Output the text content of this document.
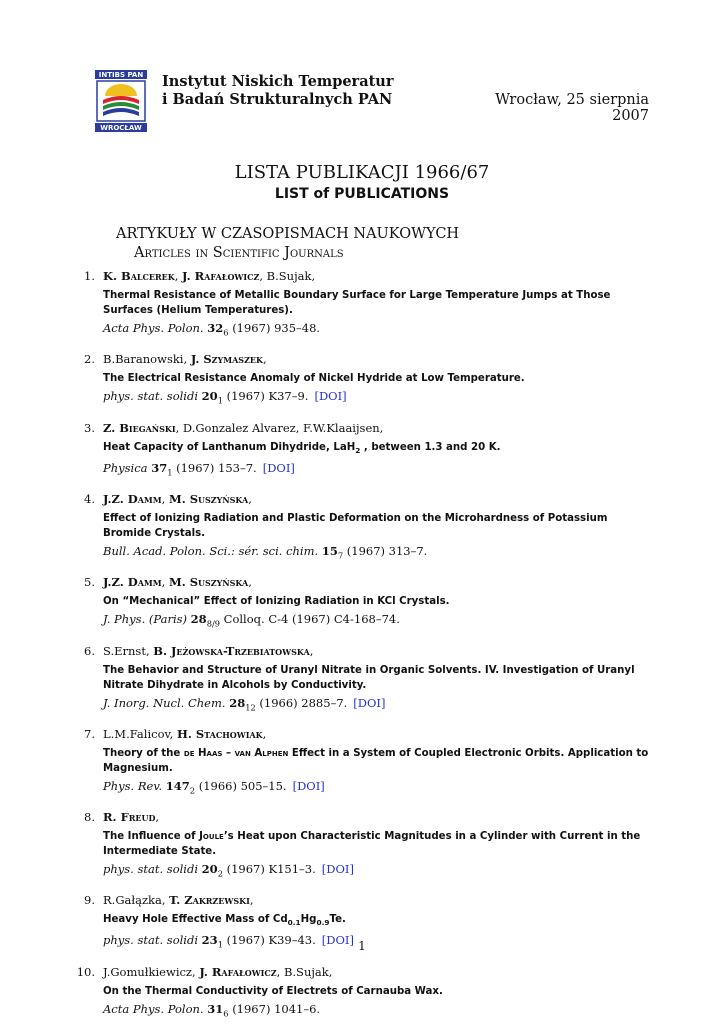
INTIBS PAN
WROCŁAW
Instytut Niskich Temperatur
i Badań Strukturalnych PAN	Wrocław, 25 sierpnia
2007
LISTA PUBLIKACJI 1966/67
LIST of PUBLICATIONS
ARTYKUŁY W CZASOPISMACH NAUKOWYCH
Articles in Scientific Journals
1. K. Balcerek, J. Rafałowicz, B.Sujak,
Thermal Resistance of Metallic Boundary Surface for Large Temperature Jumps at Those Surfaces (Helium Temperatures).
Acta Phys. Polon. $32_6$ (1967) 935–48.
2. B.Baranowski, J. Szymaszek,
The Electrical Resistance Anomaly of Nickel Hydride at Low Temperature.
phys. stat. solidi $20_1$ (1967) K37–9. [DOI]
3. Z. Biegański, D.Gonzalez Alvarez, F.W.Klaaijsen,
Heat Capacity of Lanthanum Dihydride, LaH$_2$ , between 1.3 and 20 K.
Physica $37_1$ (1967) 153–7. [DOI]
4. J.Z. Damm, M. Suszyńska,
Effect of Ionizing Radiation and Plastic Deformation on the Microhardness of Potassium Bromide Crystals.
Bull. Acad. Polon. Sci.: sér. sci. chim. $15_7$ (1967) 313–7.
5. J.Z. Damm, M. Suszyńska,
On “Mechanical” Effect of Ionizing Radiation in KCl Crystals.
J. Phys. (Paris) $28_{8/9}$ Colloq. C-4 (1967) C4-168–74.
6. S.Ernst, B. Jeżowska-Trzebiatowska,
The Behavior and Structure of Uranyl Nitrate in Organic Solvents. IV. Investigation of Uranyl Nitrate Dihydrate in Alcohols by Conductivity.
J. Inorg. Nucl. Chem. $28_{12}$ (1966) 2885–7. [DOI]
7. L.M.Falicov, H. Stachowiak,
Theory of the de Haas – van Alphen Effect in a System of Coupled Electronic Orbits. Application to Magnesium.
Phys. Rev. $147_2$ (1966) 505–15. [DOI]
8. R. Freud,
The Influence of Joule’s Heat upon Characteristic Magnitudes in a Cylinder with Current in the Intermediate State.
phys. stat. solidi $20_2$ (1967) K151–3. [DOI]
9. R.Gałązka, T. Zakrzewski,
Heavy Hole Effective Mass of $Cd_{0.1}Hg_{0.9}Te$.
phys. stat. solidi $23_1$ (1967) K39–43. [DOI]
10. J.Gomułkiewicz, J. Rafałowicz, B.Sujak,
On the Thermal Conductivity of Electrets of Carnauba Wax.
Acta Phys. Polon. $31_6$ (1967) 1041–6.
1
